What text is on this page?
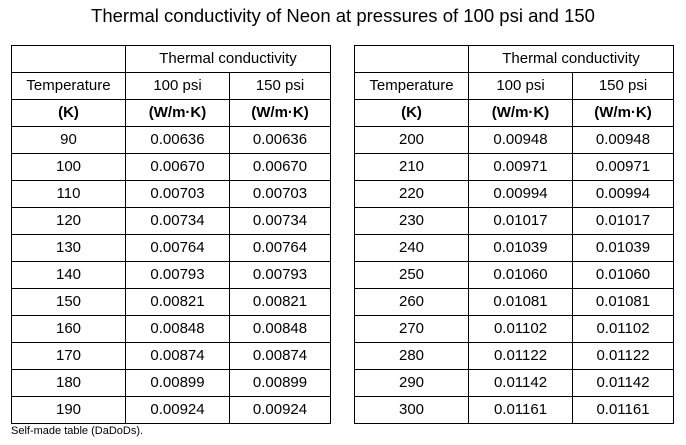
Thermal conductivity of Neon at pressures of 100 psi and 150
	Thermal conductivity	
Temperature	100 psi	150 psi
(K)	(W/m·K)	(W/m·K)
90	0.00636	0.00636
100	0.00670	0.00670
110	0.00703	0.00703
120	0.00734	0.00734
130	0.00764	0.00764
140	0.00793	0.00793
150	0.00821	0.00821
160	0.00848	0.00848
170	0.00874	0.00874
180	0.00899	0.00899
190	0.00924	0.00924
	Thermal conductivity	
Temperature	100 psi	150 psi
(K)	(W/m·K)	(W/m·K)
200	0.00948	0.00948
210	0.00971	0.00971
220	0.00994	0.00994
230	0.01017	0.01017
240	0.01039	0.01039
250	0.01060	0.01060
260	0.01081	0.01081
270	0.01102	0.01102
280	0.01122	0.01122
290	0.01142	0.01142
300	0.01161	0.01161
Self-made table (DaDoDs).
